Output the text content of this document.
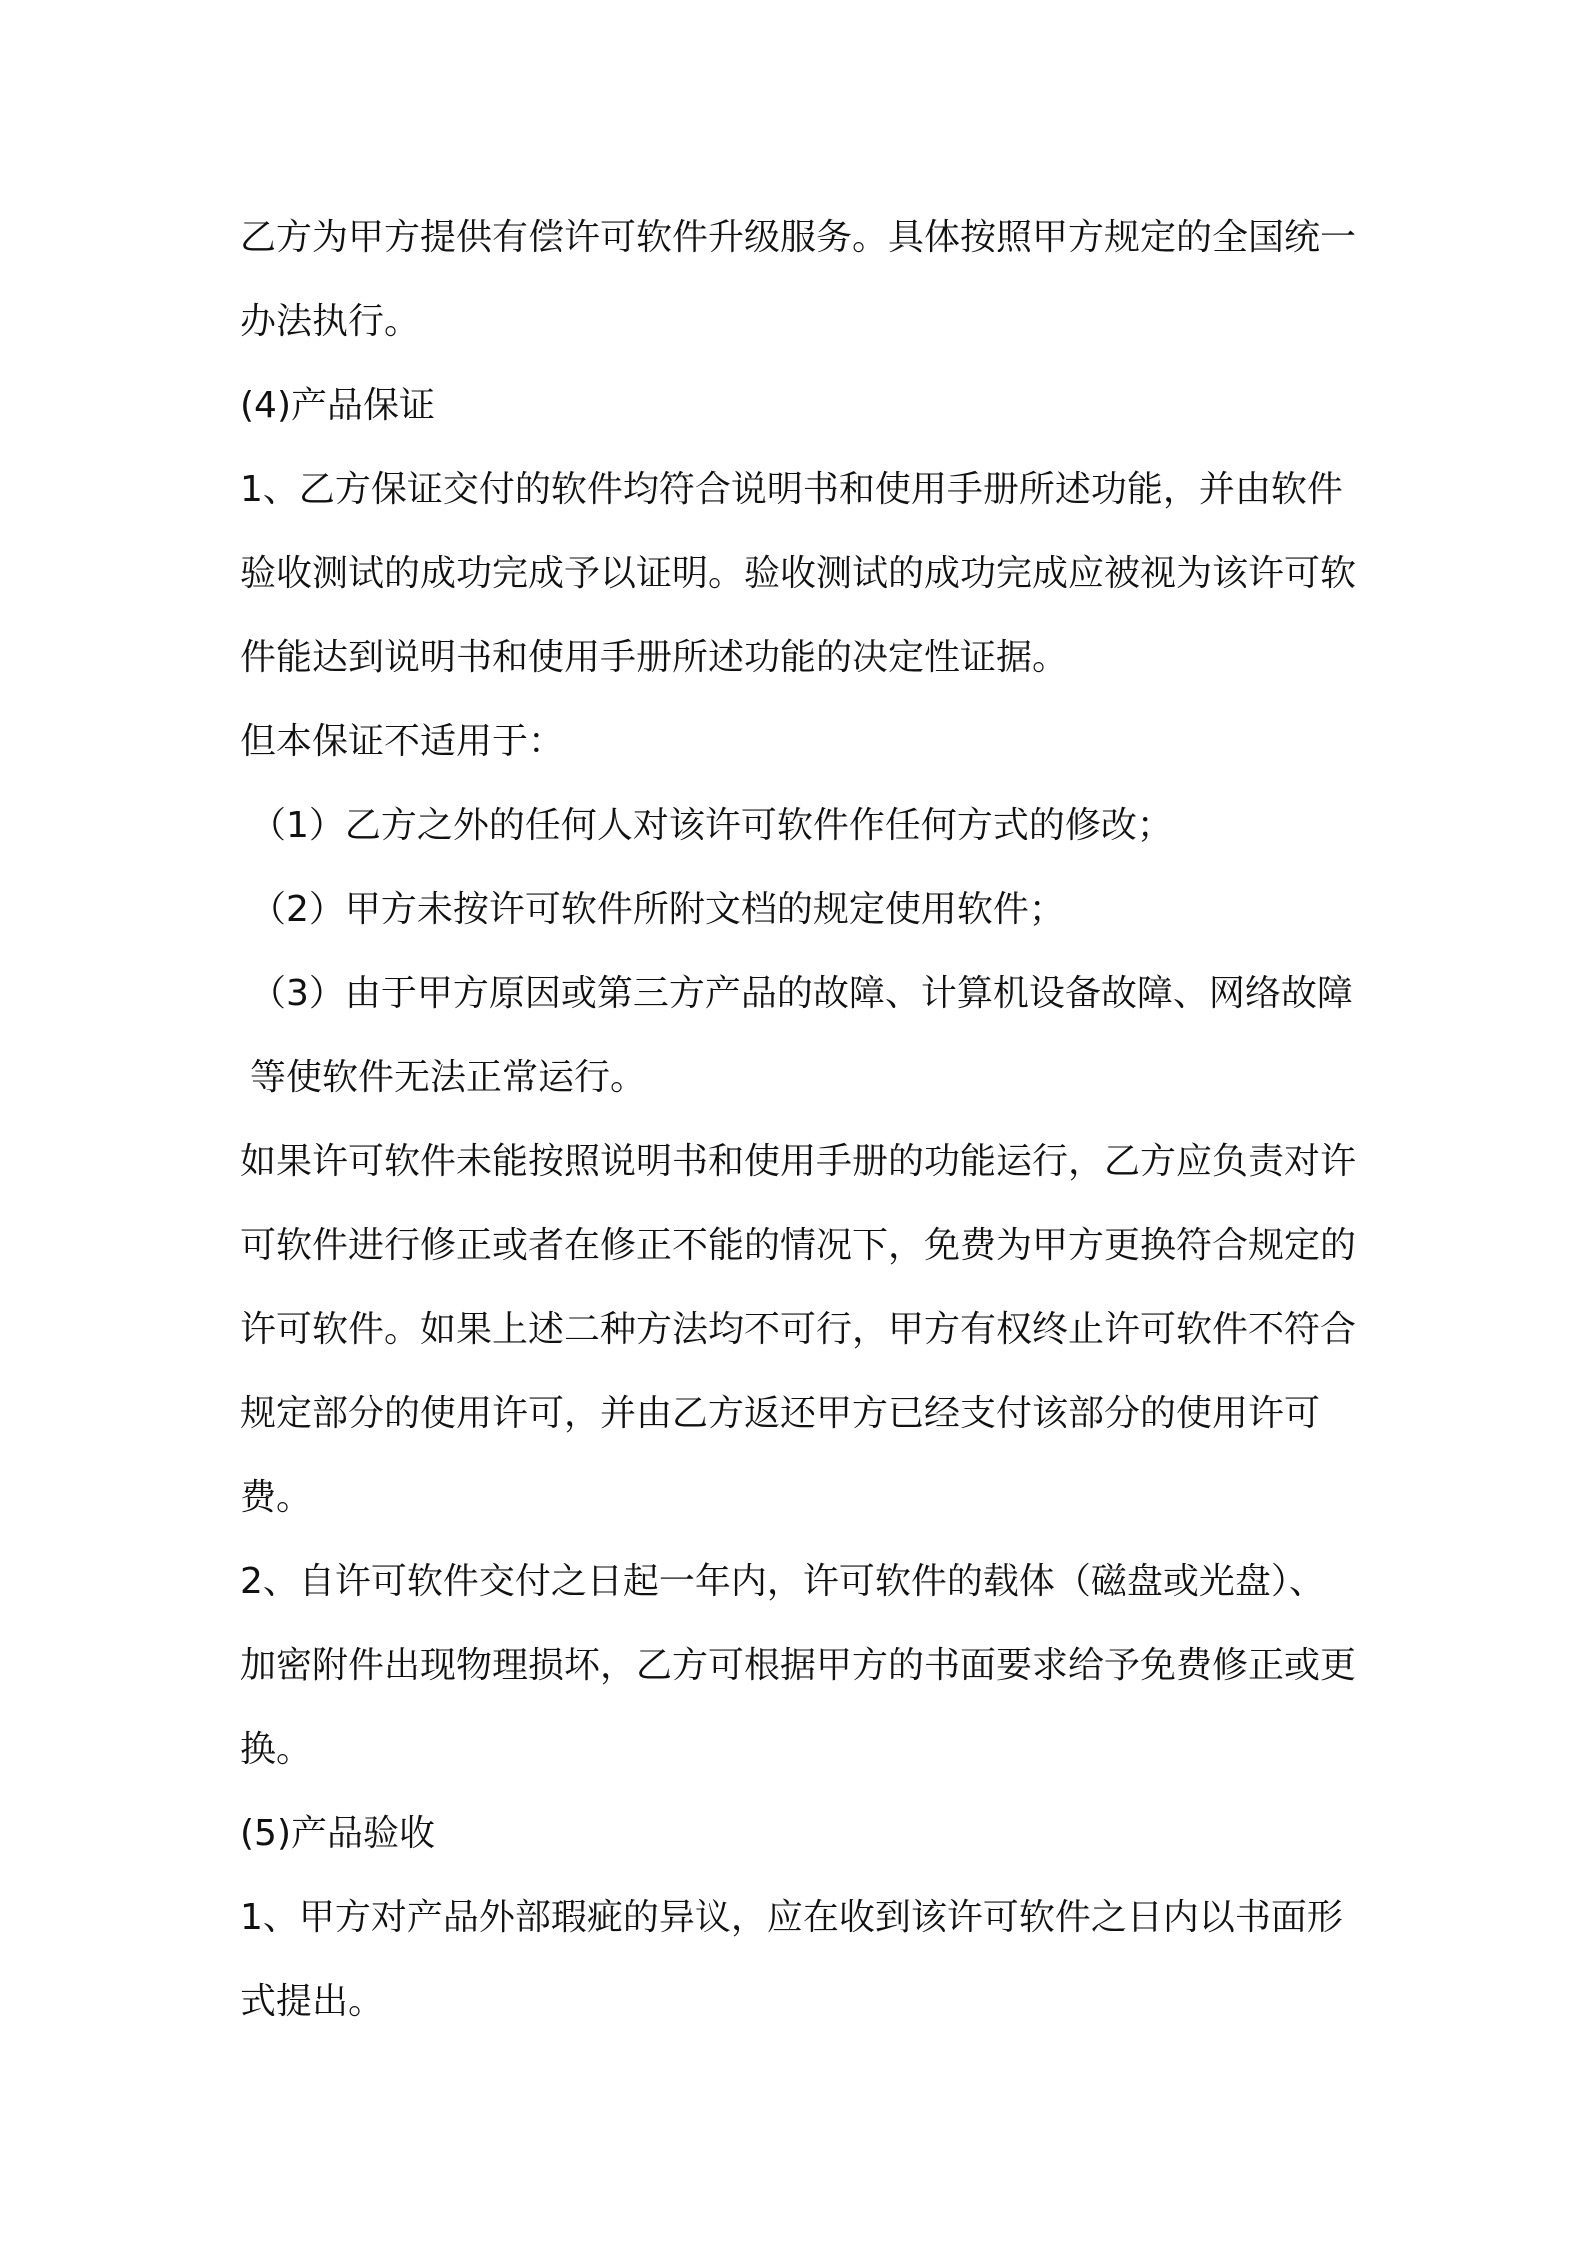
乙方为甲方提供有偿许可软件升级服务。具体按照甲方规定的全国统一办法执行。

(4)产品保证

1、乙方保证交付的软件均符合说明书和使用手册所述功能，并由软件验收测试的成功完成予以证明。验收测试的成功完成应被视为该许可软件能达到说明书和使用手册所述功能的决定性证据。

但本保证不适用于：

（1）乙方之外的任何人对该许可软件作任何方式的修改；

（2）甲方未按许可软件所附文档的规定使用软件；

（3）由于甲方原因或第三方产品的故障、计算机设备故障、网络故障等使软件无法正常运行。

如果许可软件未能按照说明书和使用手册的功能运行，乙方应负责对许可软件进行修正或者在修正不能的情况下，免费为甲方更换符合规定的许可软件。如果上述二种方法均不可行，甲方有权终止许可软件不符合规定部分的使用许可，并由乙方返还甲方已经支付该部分的使用许可费。

2、自许可软件交付之日起一年内，许可软件的载体（磁盘或光盘）、加密附件出现物理损坏，乙方可根据甲方的书面要求给予免费修正或更换。

(5)产品验收

1、甲方对产品外部瑕疵的异议，应在收到该许可软件之日内以书面形式提出。
